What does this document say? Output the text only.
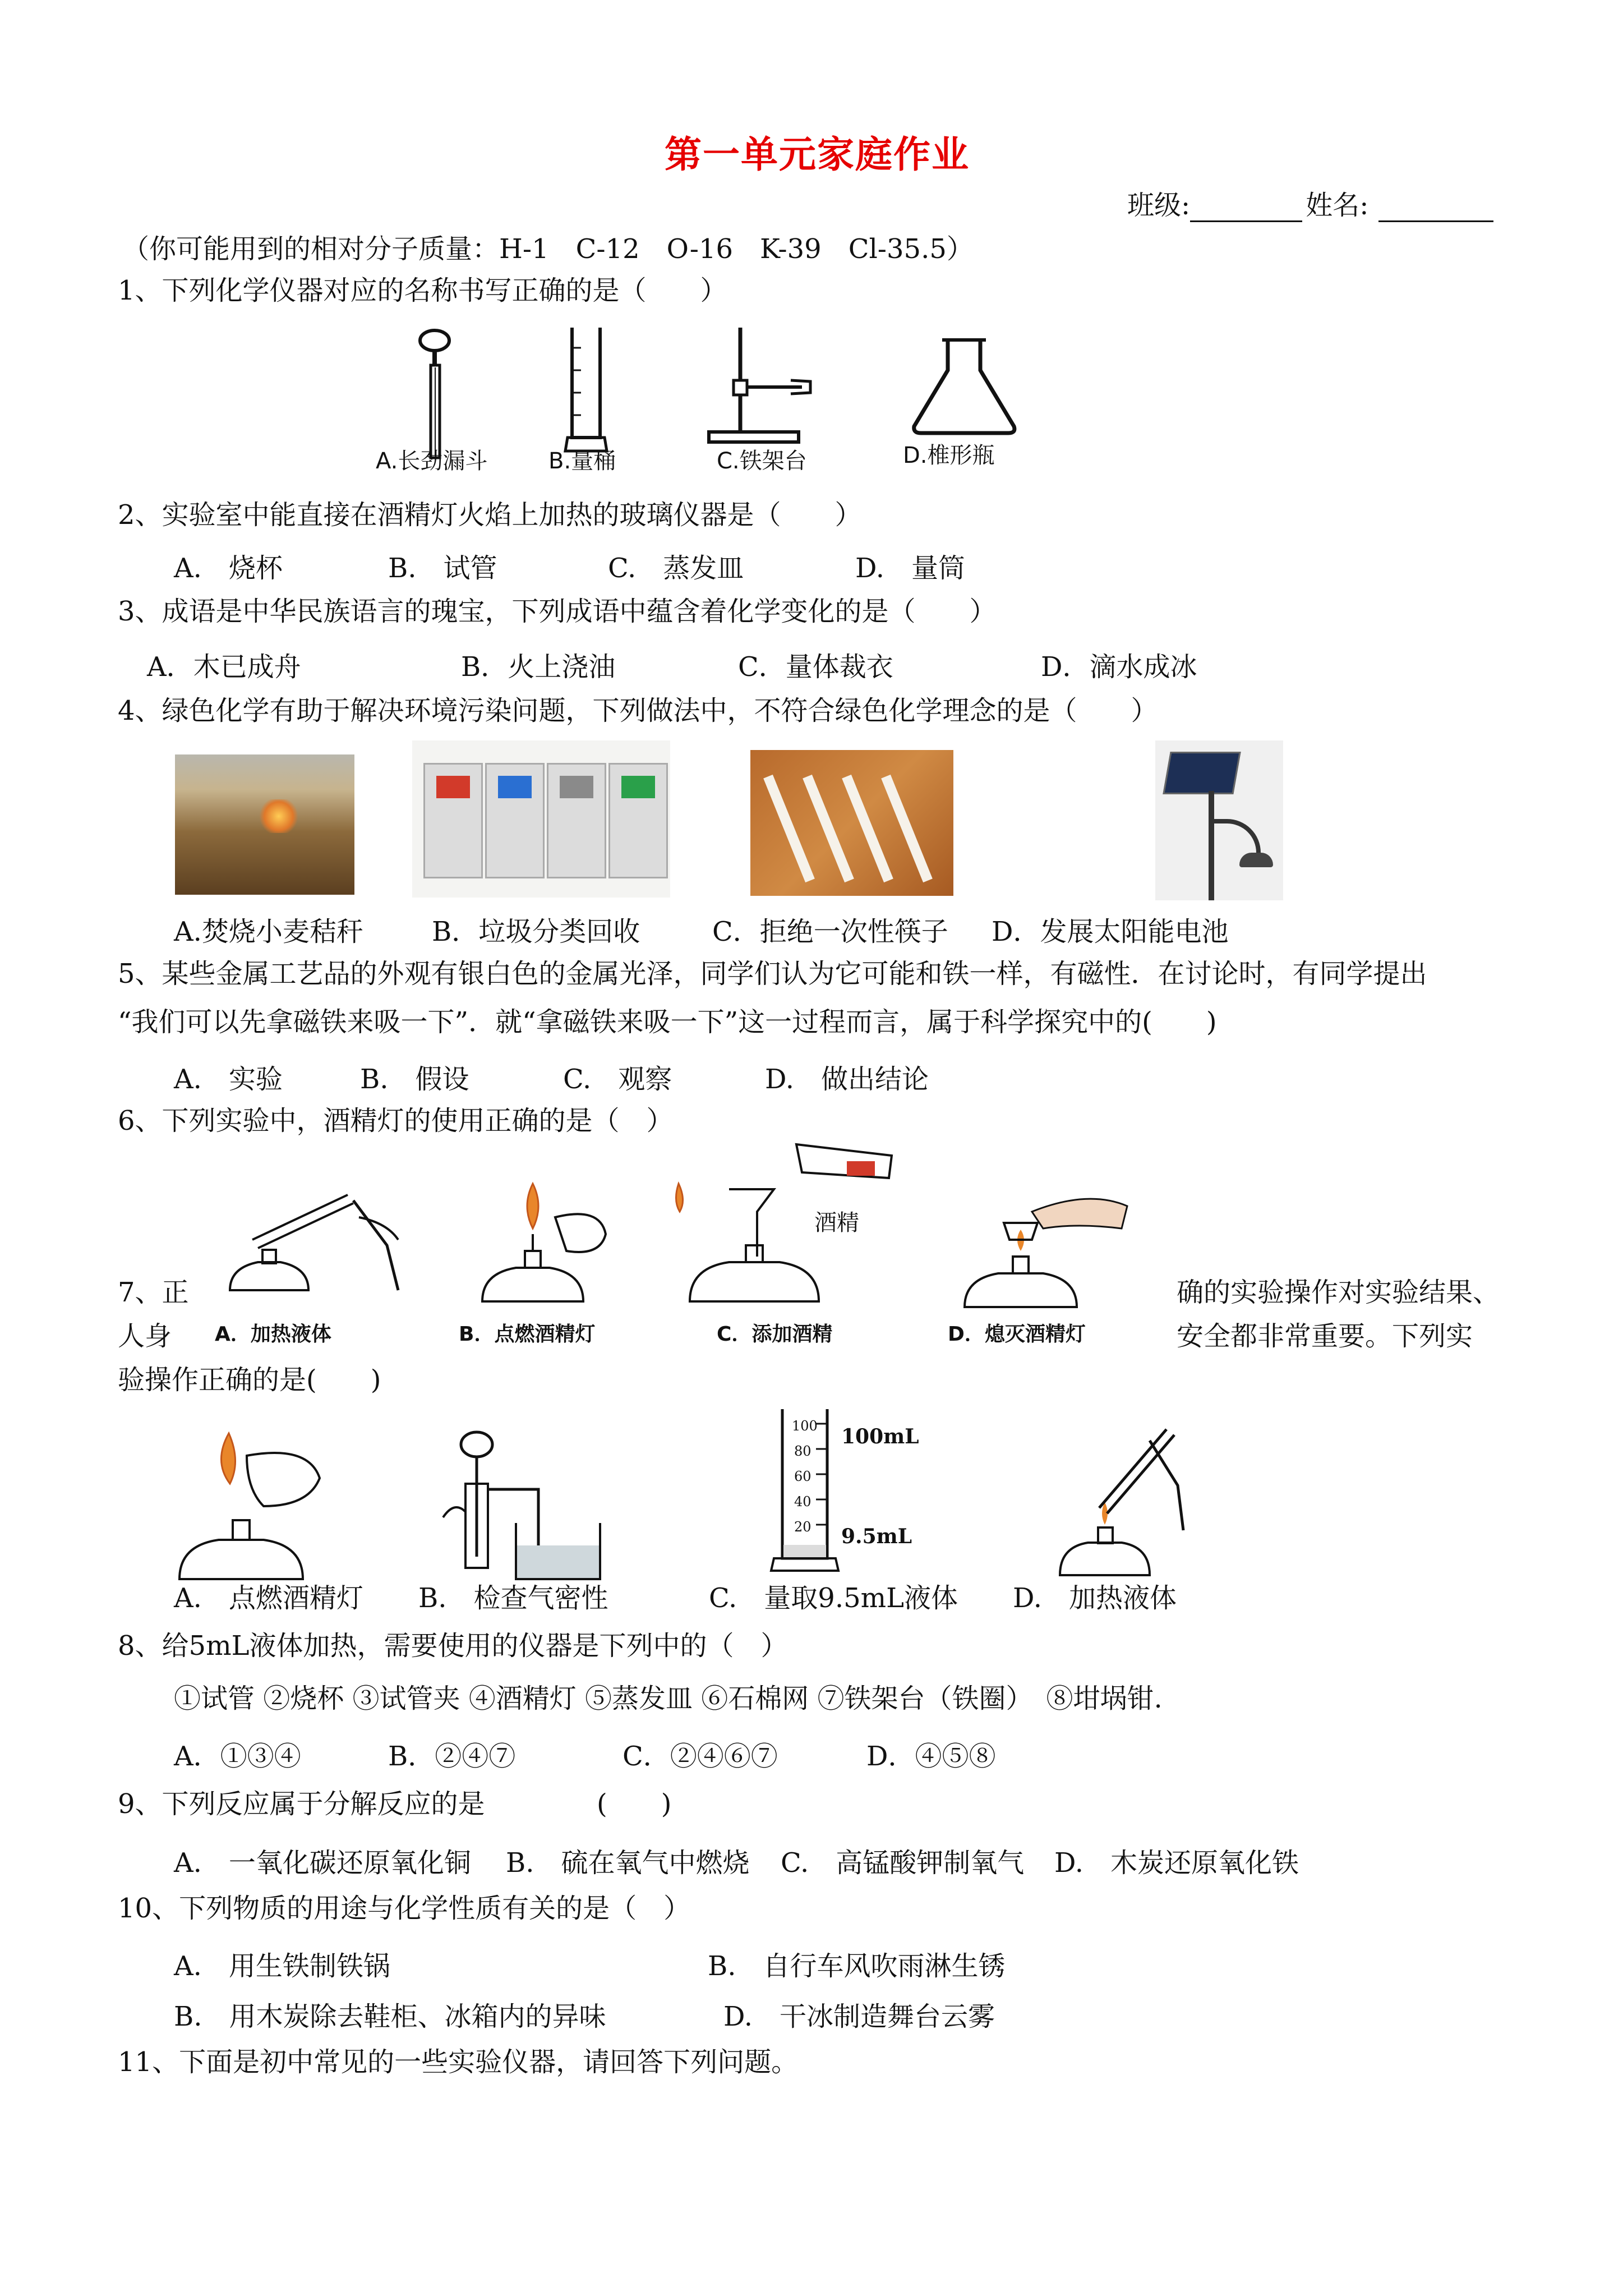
第一单元家庭作业
班级:	姓名:
（你可能用到的相对分子质量：H-1　C-12　O-16　K-39　Cl-35.5）
1、下列化学仪器对应的名称书写正确的是（　　）
A.长劲漏斗	B.量桶	C.铁架台	D.椎形瓶
2、实验室中能直接在酒精灯火焰上加热的玻璃仪器是（　　）
A.　烧杯	B.　试管	C.　蒸发皿	D.　量筒
3、成语是中华民族语言的瑰宝，下列成语中蕴含着化学变化的是（　　）
A．木已成舟	B．火上浇油	C．量体裁衣	D．滴水成冰
4、绿色化学有助于解决环境污染问题，下列做法中，不符合绿色化学理念的是（　　）
A.焚烧小麦秸秆	B．垃圾分类回收	C．拒绝一次性筷子 D．发展太阳能电池
5、某些金属工艺品的外观有银白色的金属光泽，同学们认为它可能和铁一样，有磁性．在讨论时，有同学提出
“我们可以先拿磁铁来吸一下”．就“拿磁铁来吸一下”这一过程而言，属于科学探究中的(　　)
A.　实验	B.　假设	C.　观察	D.　做出结论
6、下列实验中，酒精灯的使用正确的是（　）
酒精
A．加热液体	B．点燃酒精灯	C．添加酒精	D．熄灭酒精灯
7、正
人身
确的实验操作对实验结果、
安全都非常重要。下列实
验操作正确的是(　　)
100
80
60
40
20
100mL
9.5mL
A.　点燃酒精灯 B.　检查气密性	C.　量取9.5mL液体 D.　加热液体
8、给5mL液体加热，需要使用的仪器是下列中的（　）
①试管 ②烧杯 ③试管夹 ④酒精灯 ⑤蒸发皿 ⑥石棉网 ⑦铁架台（铁圈）　⑧坩埚钳.
A．①③④	B．②④⑦	C．②④⑥⑦	D．④⑤⑧
9、下列反应属于分解反应的是	(　　)
A.　一氧化碳还原氧化铜 B.　硫在氧气中燃烧 C.　高锰酸钾制氧气 D.　木炭还原氧化铁
10、下列物质的用途与化学性质有关的是（　）
A.　用生铁制铁锅	B.　自行车风吹雨淋生锈
B.　用木炭除去鞋柜、冰箱内的异味	D.　干冰制造舞台云雾
11、下面是初中常见的一些实验仪器，请回答下列问题。
